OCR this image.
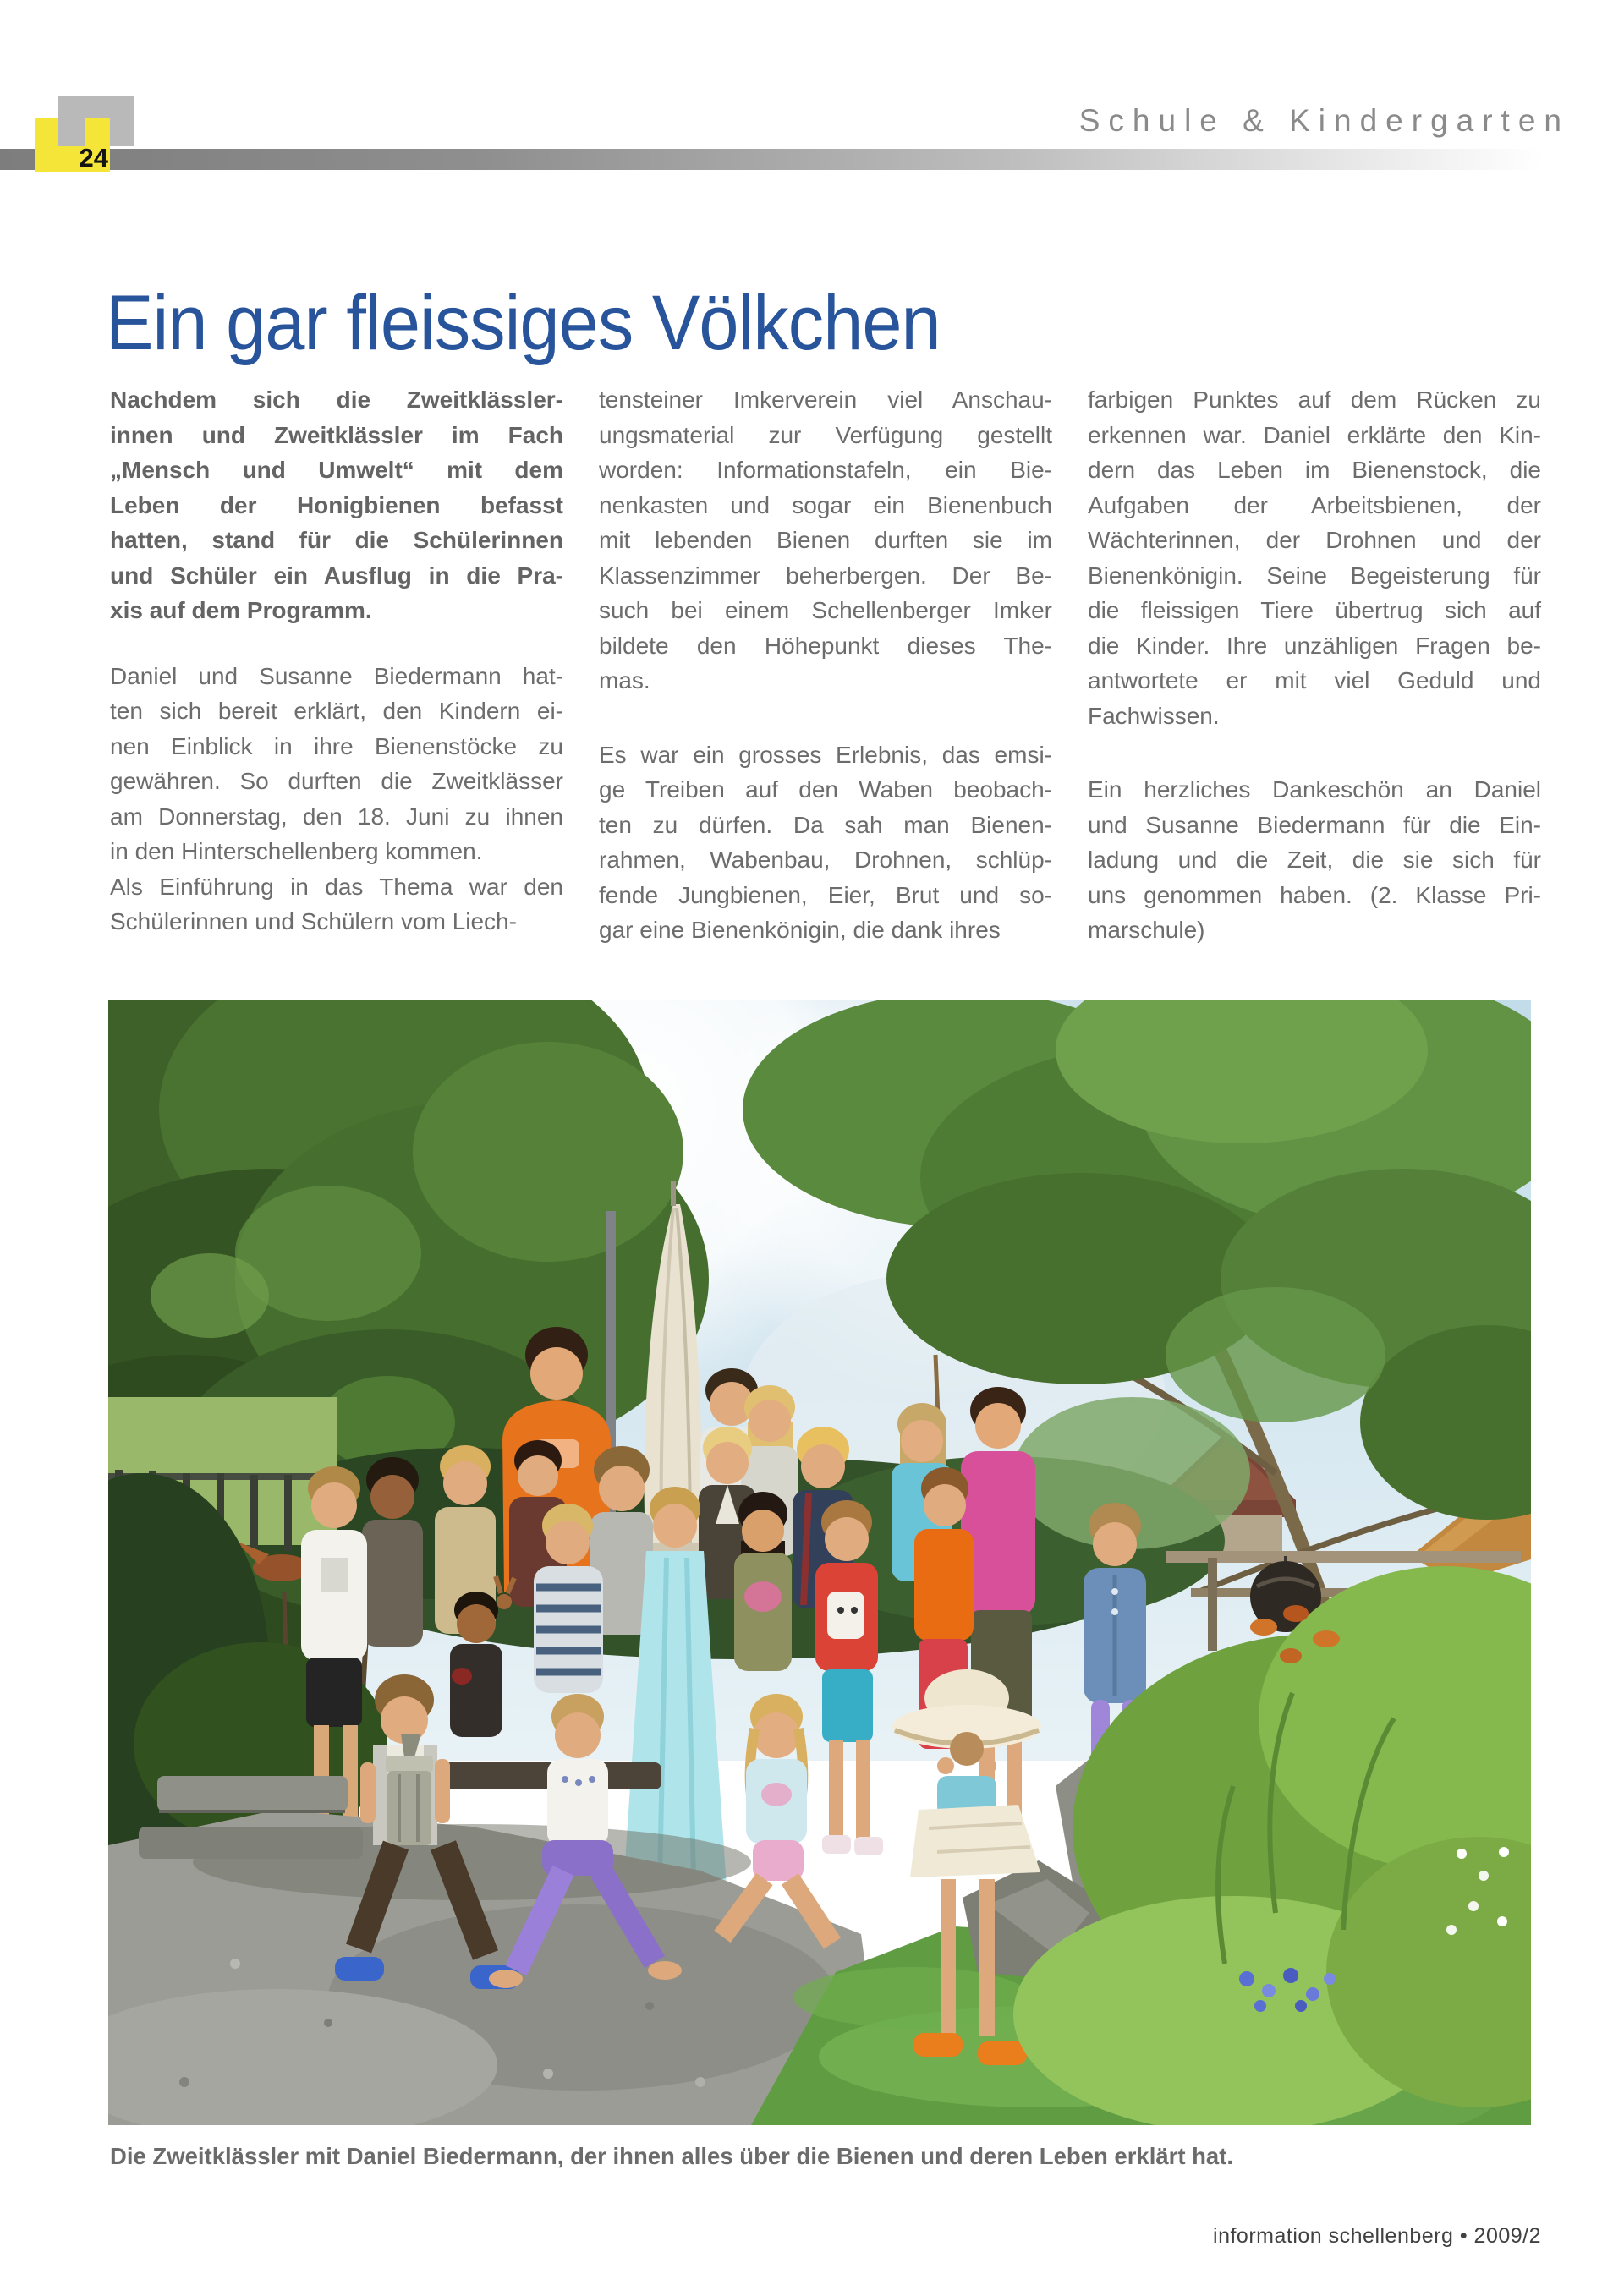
24
Schule & Kindergarten
Ein gar fleissiges Völkchen
Nachdem sich die Zweitklässler-
innen und Zweitklässler im Fach
„Mensch und Umwelt“ mit dem
Leben der Honigbienen befasst
hatten, stand für die Schülerinnen
und Schüler ein Ausflug in die Pra-
xis auf dem Programm.
Daniel und Susanne Biedermann hat-
ten sich bereit erklärt, den Kindern ei-
nen Einblick in ihre Bienenstöcke zu
gewähren. So durften die Zweitklässer
am Donnerstag, den 18. Juni zu ihnen
in den Hinterschellenberg kommen.
Als Einführung in das Thema war den
Schülerinnen und Schülern vom Liech-
tensteiner Imkerverein viel Anschau-
ungsmaterial zur Verfügung gestellt
worden: Informationstafeln, ein Bie-
nenkasten und sogar ein Bienenbuch
mit lebenden Bienen durften sie im
Klassenzimmer beherbergen. Der Be-
such bei einem Schellenberger Imker
bildete den Höhepunkt dieses The-
mas.
Es war ein grosses Erlebnis, das emsi-
ge Treiben auf den Waben beobach-
ten zu dürfen. Da sah man Bienen-
rahmen, Wabenbau, Drohnen, schlüp-
fende Jungbienen, Eier, Brut und so-
gar eine Bienenkönigin, die dank ihres
farbigen Punktes auf dem Rücken zu
erkennen war. Daniel erklärte den Kin-
dern das Leben im Bienenstock, die
Aufgaben der Arbeitsbienen, der
Wächterinnen, der Drohnen und der
Bienenkönigin. Seine Begeisterung für
die fleissigen Tiere übertrug sich auf
die Kinder. Ihre unzähligen Fragen be-
antwortete er mit viel Geduld und
Fachwissen.
Ein herzliches Dankeschön an Daniel
und Susanne Biedermann für die Ein-
ladung und die Zeit, die sie sich für
uns genommen haben. (2. Klasse Pri-
marschule)
Die Zweitklässler mit Daniel Biedermann, der ihnen alles über die Bienen und deren Leben erklärt hat.
information schellenberg • 2009/2
